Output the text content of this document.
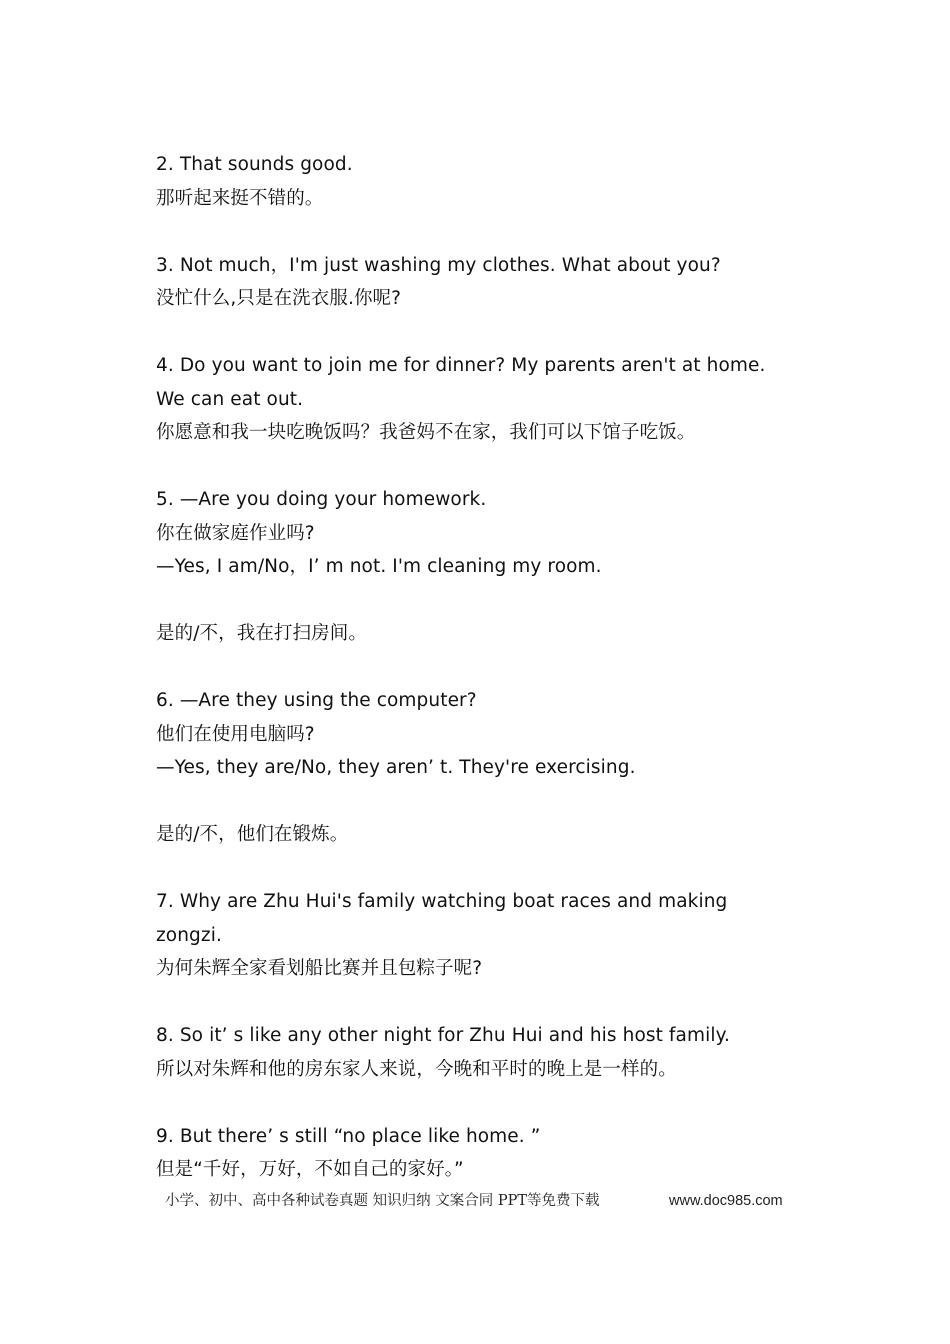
2. That sounds good.
那听起来挺不错的。
3. Not much，I'm just washing my clothes. What about you?
没忙什么,只是在洗衣服.你呢?
4. Do you want to join me for dinner? My parents aren't at home.
We can eat out.
你愿意和我一块吃晚饭吗？我爸妈不在家，我们可以下馆子吃饭。
5. —Are you doing your homework.
你在做家庭作业吗?
—Yes, I am/No，I’ m not. I'm cleaning my room.
是的/不，我在打扫房间。
6. —Are they using the computer?
他们在使用电脑吗?
—Yes, they are/No, they aren’ t. They're exercising.
是的/不，他们在锻炼。
7. Why are Zhu Hui's family watching boat races and making
zongzi.
为何朱辉全家看划船比赛并且包粽子呢?
8. So it’ s like any other night for Zhu Hui and his host family.
所以对朱辉和他的房东家人来说，今晚和平时的晚上是一样的。
9. But there’ s still “no place like home. ”
但是“千好，万好，不如自己的家好。”
小学、初中、高中各种试卷真题 知识归纳 文案合同 PPT等免费下载	www.doc985.com
